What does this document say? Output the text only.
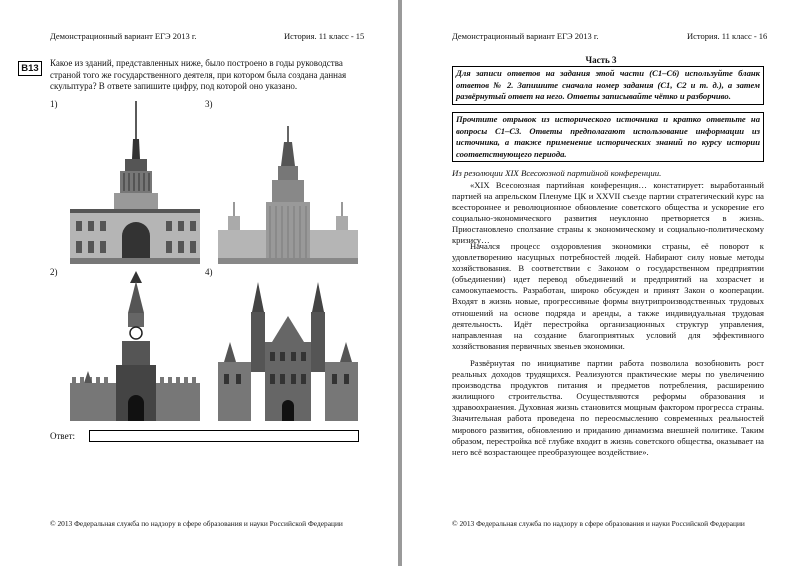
Демонстрационный вариант ЕГЭ 2013 г.	История. 11 класс - 15
B13	Какое из зданий, представленных ниже, было построено в годы руководства страной того же государственного деятеля, при котором была создана данная скульптура? В ответе запишите цифру, под которой оно указано.
1)	3)
2)	4)
Ответ:
© 2013 Федеральная служба по надзору в сфере образования и науки Российской Федерации
Демонстрационный вариант ЕГЭ 2013 г.	История. 11 класс - 16
Часть 3
Для записи ответов на задания этой части (С1–С6) используйте бланк ответов № 2. Запишите сначала номер задания (С1, С2 и т. д.), а затем развёрнутый ответ на него. Ответы записывайте чётко и разборчиво.
Прочтите отрывок из исторического источника и кратко ответьте на вопросы С1–С3. Ответы предполагают использование информации из источника, а также применение исторических знаний по курсу истории соответствующего периода.
Из резолюции XIX Всесоюзной партийной конференции.
«XIX Всесоюзная партийная конференция… констатирует: выработанный партией на апрельском Пленуме ЦК и XXVII съезде партии стратегический курс на всестороннее и революционное обновление советского общества и ускорение его социально-экономического развития неуклонно претворяется в жизнь. Приостановлено сползание страны к экономическому и социально-политическому кризису…
Начался процесс оздоровления экономики страны, её поворот к удовлетворению насущных потребностей людей. Набирают силу новые методы хозяйствования. В соответствии с Законом о государственном предприятии (объединении) идет перевод объединений и предприятий на хозрасчет и самоокупаемость. Разработан, широко обсужден и принят Закон о кооперации. Входят в жизнь новые, прогрессивные формы внутрипроизводственных трудовых отношений на основе подряда и аренды, а также индивидуальная трудовая деятельность. Идёт перестройка организационных структур управления, направленная на создание благоприятных условий для эффективного хозяйствования первичных звеньев экономики.
Развёрнутая по инициативе партии работа позволила возобновить рост реальных доходов трудящихся. Реализуются практические меры по увеличению производства продуктов питания и предметов потребления, расширению жилищного строительства. Осуществляются реформы образования и здравоохранения. Духовная жизнь становится мощным фактором прогресса страны. Значительная работа проведена по переосмыслению современных реальностей мирового развития, обновлению и приданию динамизма внешней политике. Таким образом, перестройка всё глубже входит в жизнь советского общества, оказывает на него всё возрастающее преобразующее воздействие».
© 2013 Федеральная служба по надзору в сфере образования и науки Российской Федерации
